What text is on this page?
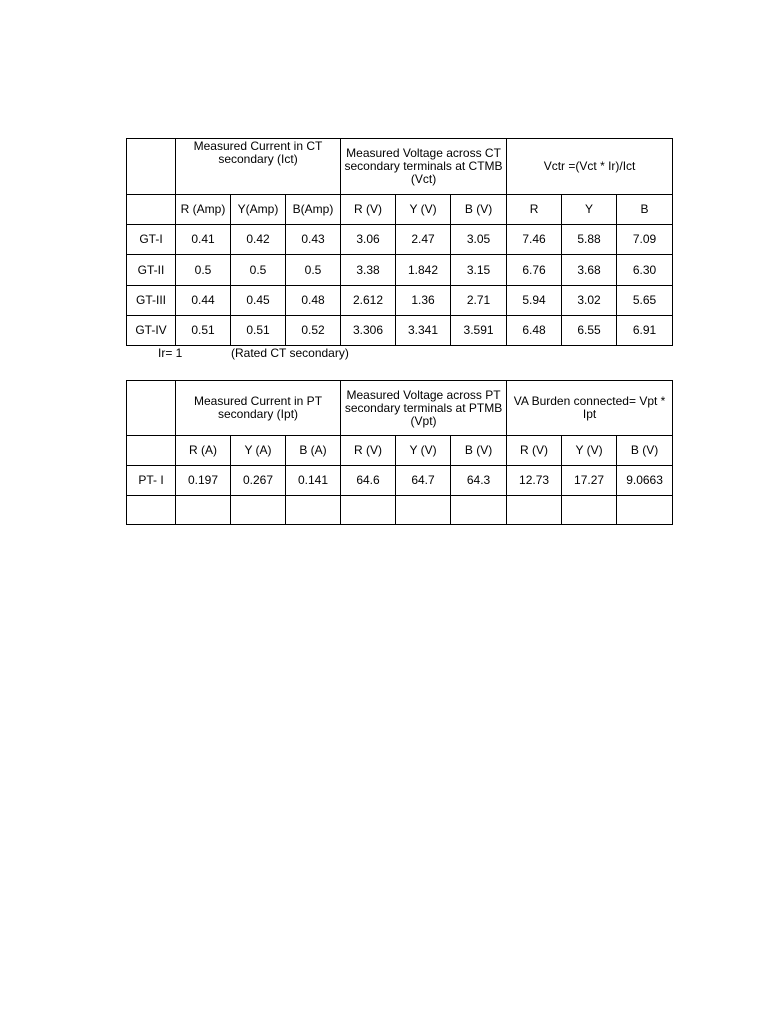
	Measured Current in CT secondary (Ict)			Measured Voltage across CT secondary terminals at CTMB (Vct)			Vctr =(Vct * Ir)/Ict		
	R (Amp)	Y(Amp)	B(Amp)	R (V)	Y (V)	B (V)	R	Y	B
GT-I	0.41	0.42	0.43	3.06	2.47	3.05	7.46	5.88	7.09
GT-II	0.5	0.5	0.5	3.38	1.842	3.15	6.76	3.68	6.30
GT-III	0.44	0.45	0.48	2.612	1.36	2.71	5.94	3.02	5.65
GT-IV	0.51	0.51	0.52	3.306	3.341	3.591	6.48	6.55	6.91
Ir= 1	(Rated CT secondary)
	Measured Current in PT secondary (Ipt)			Measured Voltage across PT secondary terminals at PTMB (Vpt)			VA Burden connected= Vpt * Ipt		
	R (A)	Y (A)	B (A)	R (V)	Y (V)	B (V)	R (V)	Y (V)	B (V)
PT- I	0.197	0.267	0.141	64.6	64.7	64.3	12.73	17.27	9.0663
